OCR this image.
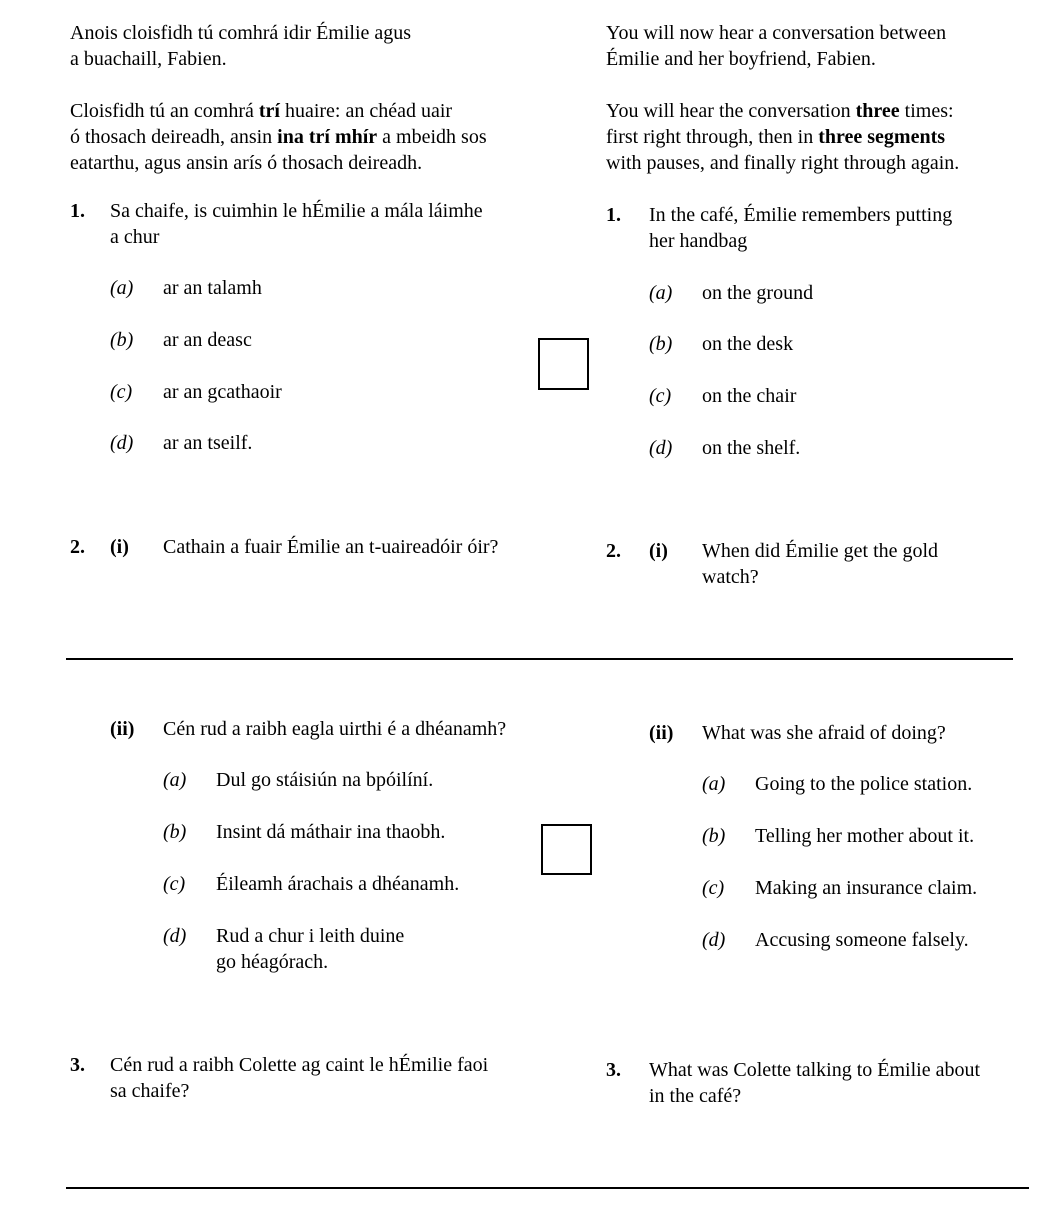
Anois cloisfidh tú comhrá idir Émilie agus
a buachaill, Fabien.
Cloisfidh tú an comhrá trí huaire: an chéad uair
ó thosach deireadh, ansin ina trí mhír a mbeidh sos
eatarthu, agus ansin arís ó thosach deireadh.
You will now hear a conversation between
Émilie and her boyfriend, Fabien.
You will hear the conversation three times:
first right through, then in three segments
with pauses, and finally right through again.
1. Sa chaife, is cuimhin le hÉmilie a mála láimhe
a chur
(a) ar an talamh
(b) ar an deasc
(c) ar an gcathaoir
(d) ar an tseilf.
1. In the café, Émilie remembers putting
her handbag
(a) on the ground
(b) on the desk
(c) on the chair
(d) on the shelf.
2. (i) Cathain a fuair Émilie an t-uaireadóir óir?	2. (i) When did Émilie get the gold
watch?
(ii) Cén rud a raibh eagla uirthi é a dhéanamh?
(a) Dul go stáisiún na bpóilíní.
(b) Insint dá máthair ina thaobh.
(c) Éileamh árachais a dhéanamh.
(d) Rud a chur i leith duine
go héagórach.
(ii) What was she afraid of doing?
(a) Going to the police station.
(b) Telling her mother about it.
(c) Making an insurance claim.
(d) Accusing someone falsely.
3. Cén rud a raibh Colette ag caint le hÉmilie faoi
sa chaife?
3. What was Colette talking to Émilie about
in the café?
